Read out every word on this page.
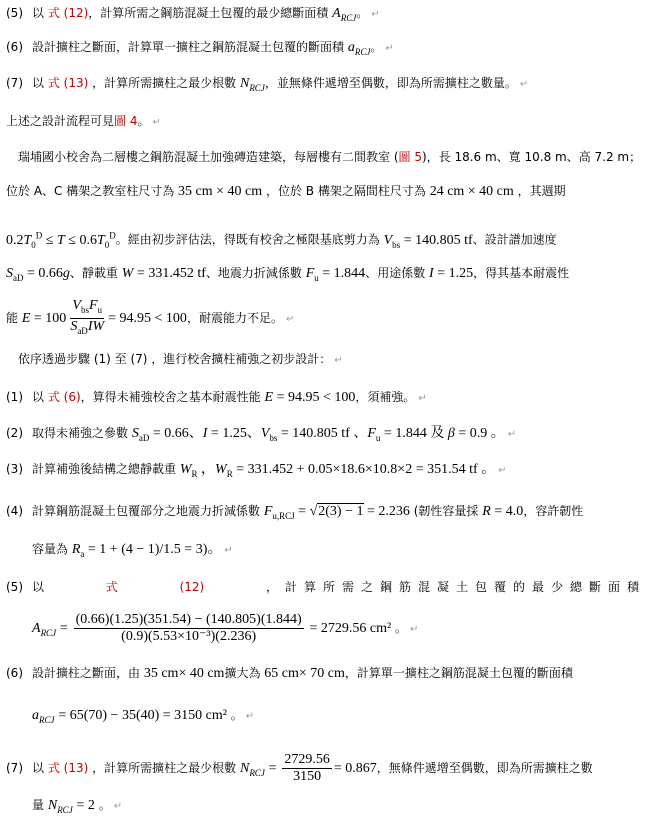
(5) 以 式 (12)，計算所需之鋼筋混凝土包覆的最少總斷面積 $A_{RCJ}$。 ↵
(6) 設計擴柱之斷面，計算單一擴柱之鋼筋混凝土包覆的斷面積 $a_{RCJ}$。 ↵
(7) 以 式 (13) ，計算所需擴柱之最少根數 $N_{RCJ}$，並無條件遞增至偶數，即為所需擴柱之數量。 ↵
上述之設計流程可見圖 4。 ↵
瑞埔國小校舍為二層樓之鋼筋混凝土加強磚造建築，每層樓有二間教室 (圖 5)，長 18.6 m、寬 10.8 m、高 7.2 m；
位於 A、C 構架之教室柱尺寸為 35 cm × 40 cm ，位於 B 構架之隔間柱尺寸為 24 cm × 40 cm ，其週期
$0.2T_0^D \le T \le 0.6T_0^D$。經由初步評估法，得既有校舍之極限基底剪力為 $V_{bs} = 140.805$ tf、設計譜加速度
$S_{aD} = 0.66g$、靜載重 W = 331.452 tf、地震力折減係數 $F_u = 1.844$、用途係數 I = 1.25，得其基本耐震性
能 $E = 100 \frac{V_{bs}F_u}{S_{aD}IW} = 94.95 < 100$，耐震能力不足。 ↵
依序透過步驟 (1) 至 (7) ，進行校舍擴柱補強之初步設計： ↵
(1) 以 式 (6)，算得未補強校舍之基本耐震性能 E = 94.95 < 100，須補強。 ↵
(2) 取得未補強之參數 $S_{aD} = 0.66$、I = 1.25、$V_{bs} = 140.805$ tf 、$F_u = 1.844$ 及 β = 0.9 。 ↵
(3) 計算補強後結構之總靜載重 $W_R$ ，$W_R = 331.452 + 0.05\times 18.6\times 10.8\times 2 = 351.54$ tf 。 ↵
(4) 計算鋼筋混凝土包覆部分之地震力折減係數 $F_{u,RCJ} = √2(3) - 1 = 2.236$ (韌性容量採 R = 4.0，容許韌性
容量為 $R_a = 1 + (4 - 1)/1.5 = 3$)。 ↵
(5) 以	式	(12)	，計算所需之鋼筋混凝土包覆的最少總斷面積
$A_{RCJ} = \frac{(0.66)(1.25)(351.54) - (140.805)(1.844)}{\text{(0.9)(5.53×10⁻³)(2.236)}} = 2729.56$ cm² 。 ↵
(6) 設計擴柱之斷面，由 35 cm× 40 cm擴大為 65 cm× 70 cm，計算單一擴柱之鋼筋混凝土包覆的斷面積
$a_{RCJ} = 65(70) - 35(40) = 3150$ cm² 。 ↵
(7) 以 式 (13) ，計算所需擴柱之最少根數 $N_{RCJ} = \frac{2729.56}{3150} = 0.867$，無條件遞增至偶數，即為所需擴柱之數
量 $N_{RCJ} = 2$ 。 ↵
